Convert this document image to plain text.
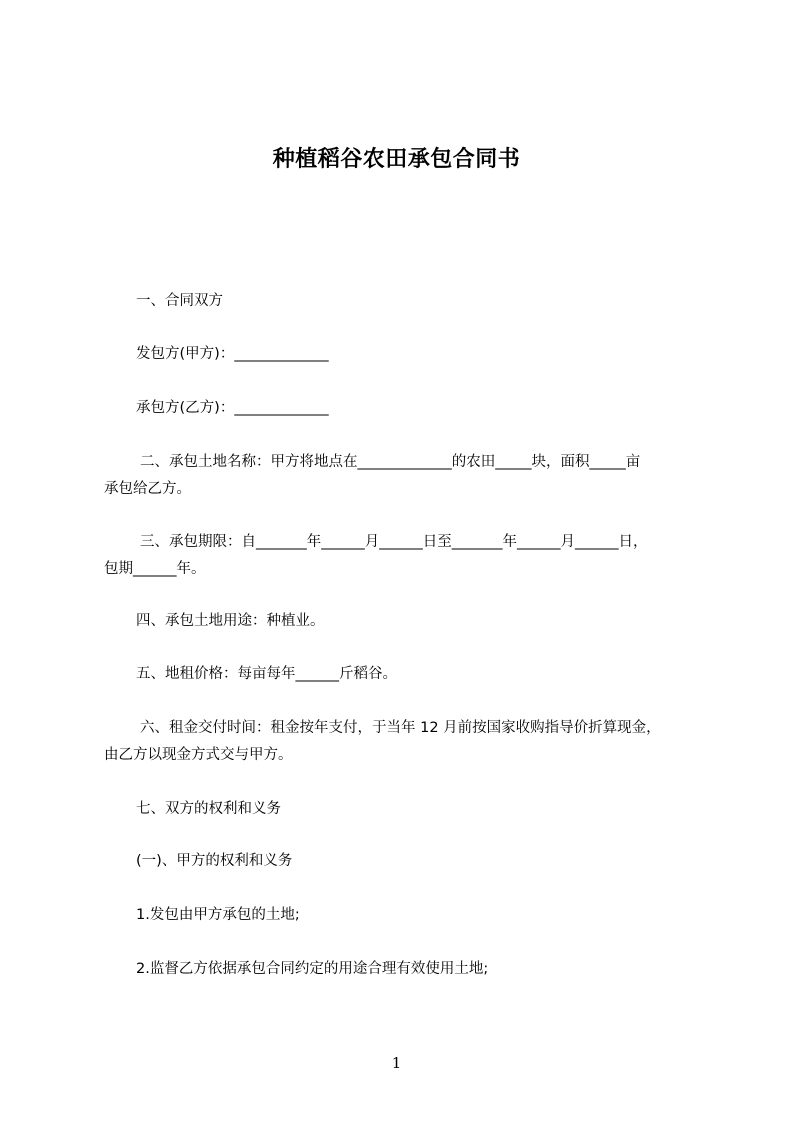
种植稻谷农田承包合同书
一、合同双方
发包方(甲方)：_____________
承包方(乙方)：_____________
二、承包土地名称：甲方将地点在_____________的农田_____块，面积_____亩
承包给乙方。
三、承包期限：自_______年______月______日至_______年______月______日，
包期______年。
四、承包土地用途：种植业。
五、地租价格：每亩每年______斤稻谷。
六、租金交付时间：租金按年支付，于当年 12 月前按国家收购指导价折算现金，
由乙方以现金方式交与甲方。
七、双方的权利和义务
(一)、甲方的权利和义务
1.发包由甲方承包的土地;
2.监督乙方依据承包合同约定的用途合理有效使用土地;
1
